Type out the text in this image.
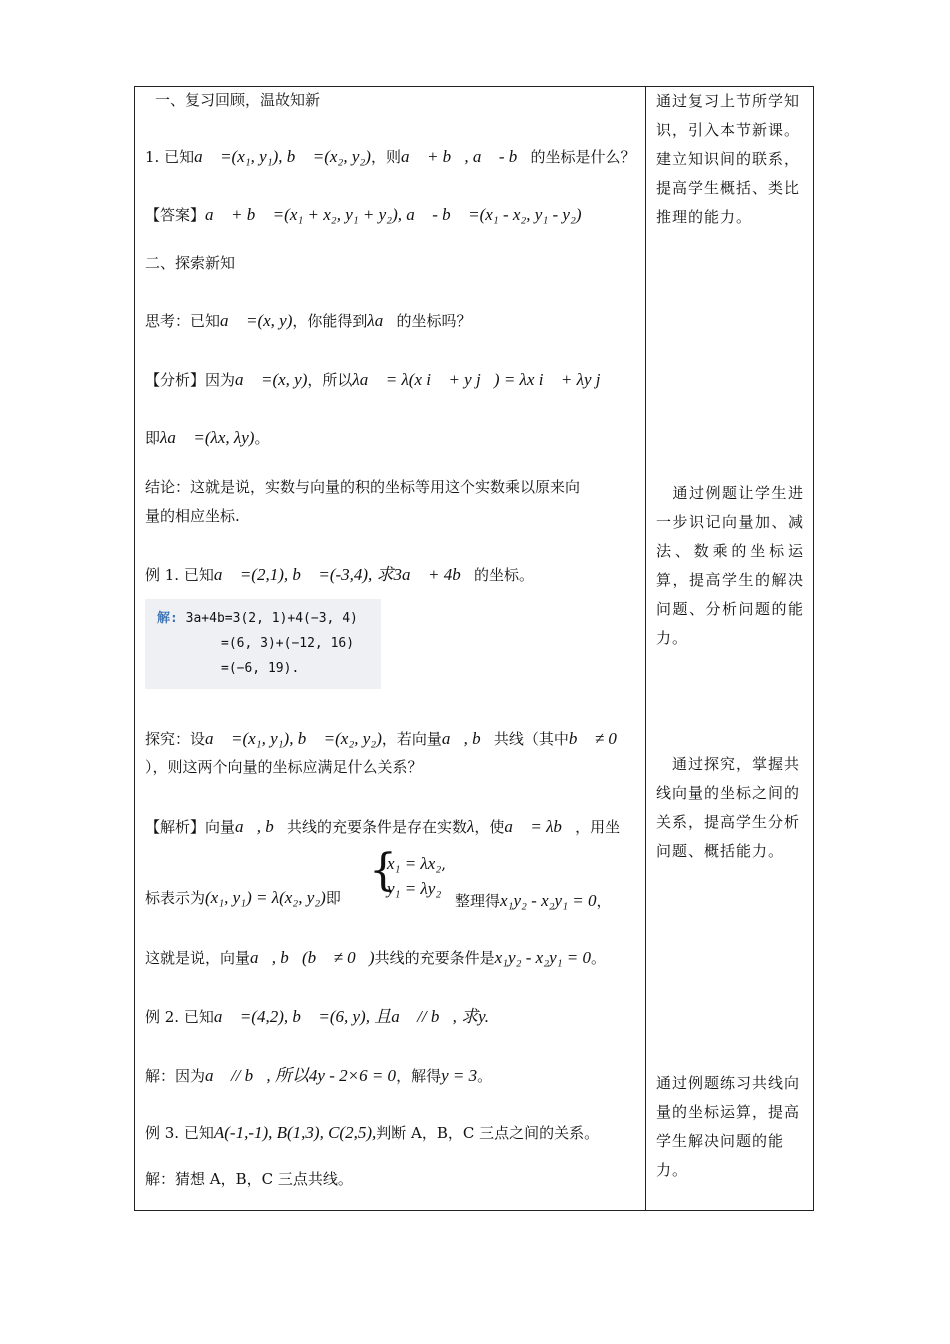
一、复习回顾，温故知新
1. 已知a⃗ =(x₁, y₁), b⃗ =(x₂, y₂)，则a⃗ + b⃗, a⃗ - b⃗的坐标是什么？
【答案】a⃗ + b⃗ =(x₁ + x₂, y₁ + y₂), a⃗ - b⃗ =(x₁ - x₂, y₁ - y₂)
二、探索新知
思考：已知a⃗ =(x, y)，你能得到λa⃗的坐标吗？
【分析】因为a⃗ =(x, y)，所以λa⃗ = λ(x i⃗ + y j⃗) = λx i⃗ + λy j⃗
即λa⃗ =(λx, λy)。
结论：这就是说，实数与向量的积的坐标等用这个实数乘以原来向
量的相应坐标.
例 1. 已知a⃗ =(2,1), b⃗ =(-3,4), 求3a⃗ + 4b⃗的坐标。
解: 3a+4b=3(2, 1)+4(−3, 4)
=(6, 3)+(−12, 16)
=(−6, 19).
探究：设a⃗ =(x₁, y₁), b⃗ =(x₂, y₂)，若向量a⃗, b⃗共线（其中b⃗ ≠ 0⃗
），则这两个向量的坐标应满足什么关系？
【解析】向量a⃗, b⃗共线的充要条件是存在实数λ，使a⃗ = λb⃗，用坐
标表示为(x₁, y₁) = λ(x₂, y₂)即
{
x₁ = λx₂,
y₁ = λy₂
整理得x₁y₂ - x₂y₁ = 0，
这就是说，向量a⃗, b⃗(b⃗ ≠ 0⃗)共线的充要条件是x₁y₂ - x₂y₁ = 0。
例 2. 已知a⃗ =(4,2), b⃗ =(6, y), 且a⃗ // b⃗, 求y.
解：因为a⃗ // b⃗, 所以4y - 2×6 = 0，解得y = 3。
例 3. 已知A(-1,-1), B(1,3), C(2,5),判断 A，B，C 三点之间的关系。
解：猜想 A，B，C 三点共线。
通过复习上节所学知识，引入本节新课。建立知识间的联系，提高学生概括、类比推理的能力。
　通过例题让学生进一步识记向量加、减法、数乘的坐标运算，提高学生的解决问题、分析问题的能力。
　通过探究，掌握共线向量的坐标之间的关系，提高学生分析问题、概括能力。
通过例题练习共线向量的坐标运算，提高学生解决问题的能力。
